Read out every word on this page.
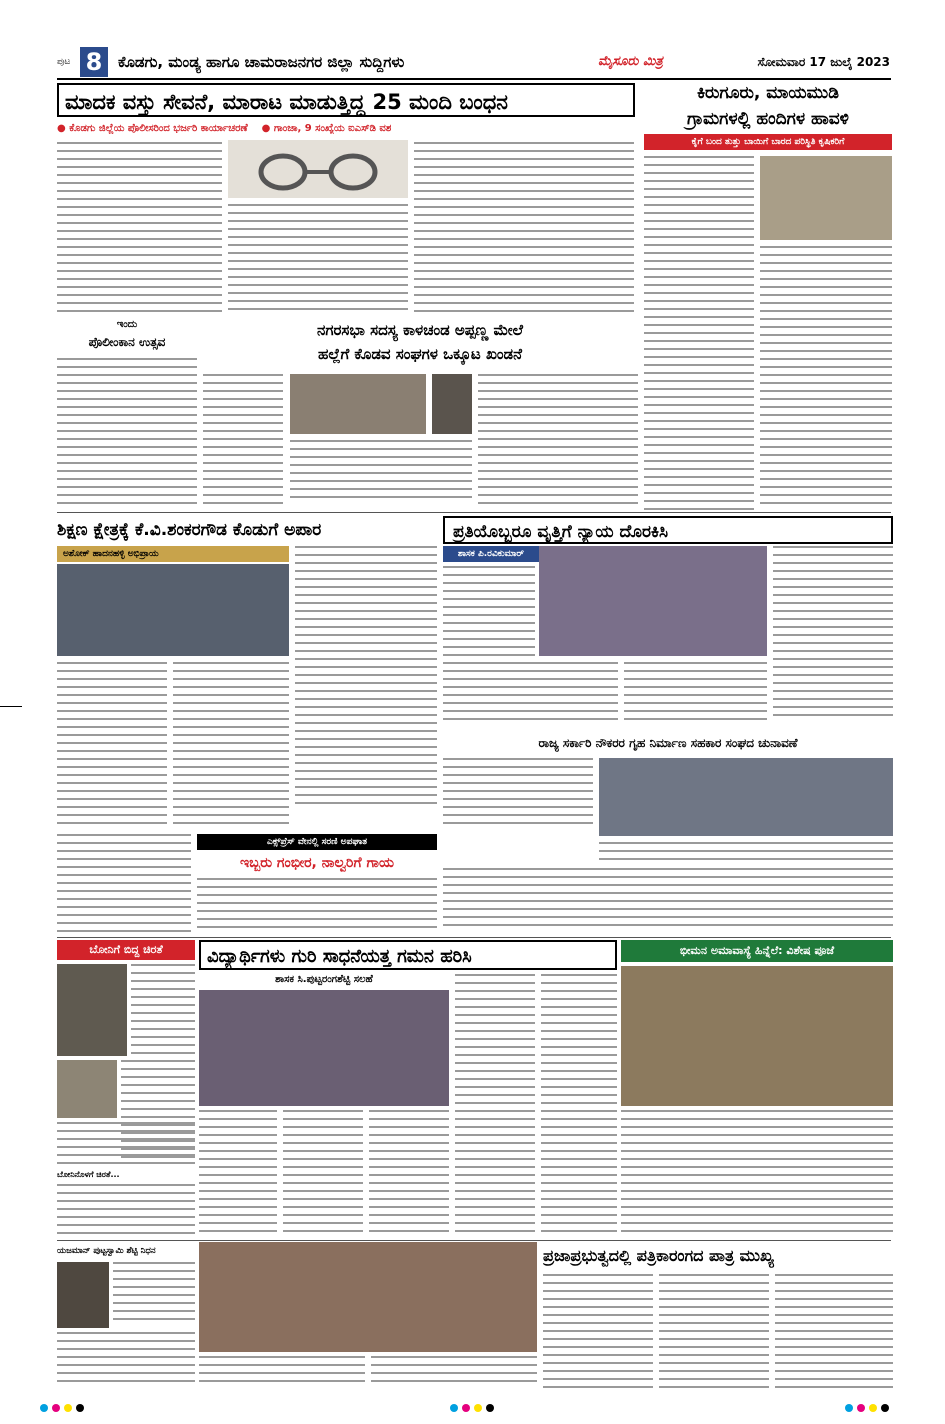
ಪುಟ 8	ಕೊಡಗು, ಮಂಡ್ಯ ಹಾಗೂ ಚಾಮರಾಜನಗರ ಜಿಲ್ಲಾ ಸುದ್ದಿಗಳು	ಮೈಸೂರು ಮಿತ್ರ	ಸೋಮವಾರ 17 ಜುಲೈ 2023
ಮಾದಕ ವಸ್ತು ಸೇವನೆ, ಮಾರಾಟ ಮಾಡುತ್ತಿದ್ದ 25 ಮಂದಿ ಬಂಧನ
● ಕೊಡಗು ಜಿಲ್ಲೆಯ ಪೊಲೀಸರಿಂದ ಭರ್ಜರಿ ಕಾರ್ಯಾಚರಣೆ ● ಗಾಂಜಾ, 9 ಸಂಖ್ಯೆಯ ಐಎಸ್‌ಡಿ ವಶ
ಕಿರುಗೂರು, ಮಾಯಮುಡಿ
ಗ್ರಾಮಗಳಲ್ಲಿ ಹಂದಿಗಳ ಹಾವಳಿ
ಕೈಗೆ ಬಂದ ತುತ್ತು ಬಾಯಿಗೆ ಬಾರದ ಪರಿಸ್ಥಿತಿ ಕೃಷಿಕರಿಗೆ
ಇಂದು
ಪೊಲೀಂಕಾನ ಉತ್ಸವ
ನಗರಸಭಾ ಸದಸ್ಯ ಕಾಳಚಂಡ ಅಪ್ಪಣ್ಣ ಮೇಲೆ
ಹಲ್ಲೆಗೆ ಕೊಡವ ಸಂಘಗಳ ಒಕ್ಕೂಟ ಖಂಡನೆ
ಶಿಕ್ಷಣ ಕ್ಷೇತ್ರಕ್ಕೆ ಕೆ.ವಿ.ಶಂಕರಗೌಡ ಕೊಡುಗೆ ಅಪಾರ
ಅಶೋಕ್ ಹಾದನಹಳ್ಳಿ ಅಭಿಪ್ರಾಯ
ಪ್ರತಿಯೊಬ್ಬರೂ ವೃತ್ತಿಗೆ ನ್ಯಾಯ ದೊರಕಿಸಿ
ಶಾಸಕ ಪಿ.ರವಿಕುಮಾರ್
ರಾಜ್ಯ ಸರ್ಕಾರಿ ನೌಕರರ ಗೃಹ ನಿರ್ಮಾಣ ಸಹಕಾರ ಸಂಘದ ಚುನಾವಣೆ
ಎಕ್ಸ್‌ಪ್ರೆಸ್ ವೇನಲ್ಲಿ ಸರಣಿ ಅಪಘಾತ
ಇಬ್ಬರು ಗಂಭೀರ, ನಾಲ್ವರಿಗೆ ಗಾಯ
ಬೋನಿಗೆ ಬಿದ್ದ ಚಿರತೆ
ಬೋನಿನೊಳಗೆ ಚಿರತೆ...
ವಿದ್ಯಾರ್ಥಿಗಳು ಗುರಿ ಸಾಧನೆಯತ್ತ ಗಮನ ಹರಿಸಿ
ಶಾಸಕ ಸಿ.ಪುಟ್ಟರಂಗಶೆಟ್ಟಿ ಸಲಹೆ
ಭೀಮನ ಅಮಾವಾಸ್ಯೆ ಹಿನ್ನೆಲೆ: ವಿಶೇಷ ಪೂಜೆ
ಯಜಮಾನ್ ಪುಟ್ಟಸ್ವಾಮಿ ಶೆಟ್ಟಿ ನಿಧನ	ಪ್ರಜಾಪ್ರಭುತ್ವದಲ್ಲಿ ಪತ್ರಿಕಾರಂಗದ ಪಾತ್ರ ಮುಖ್ಯ
